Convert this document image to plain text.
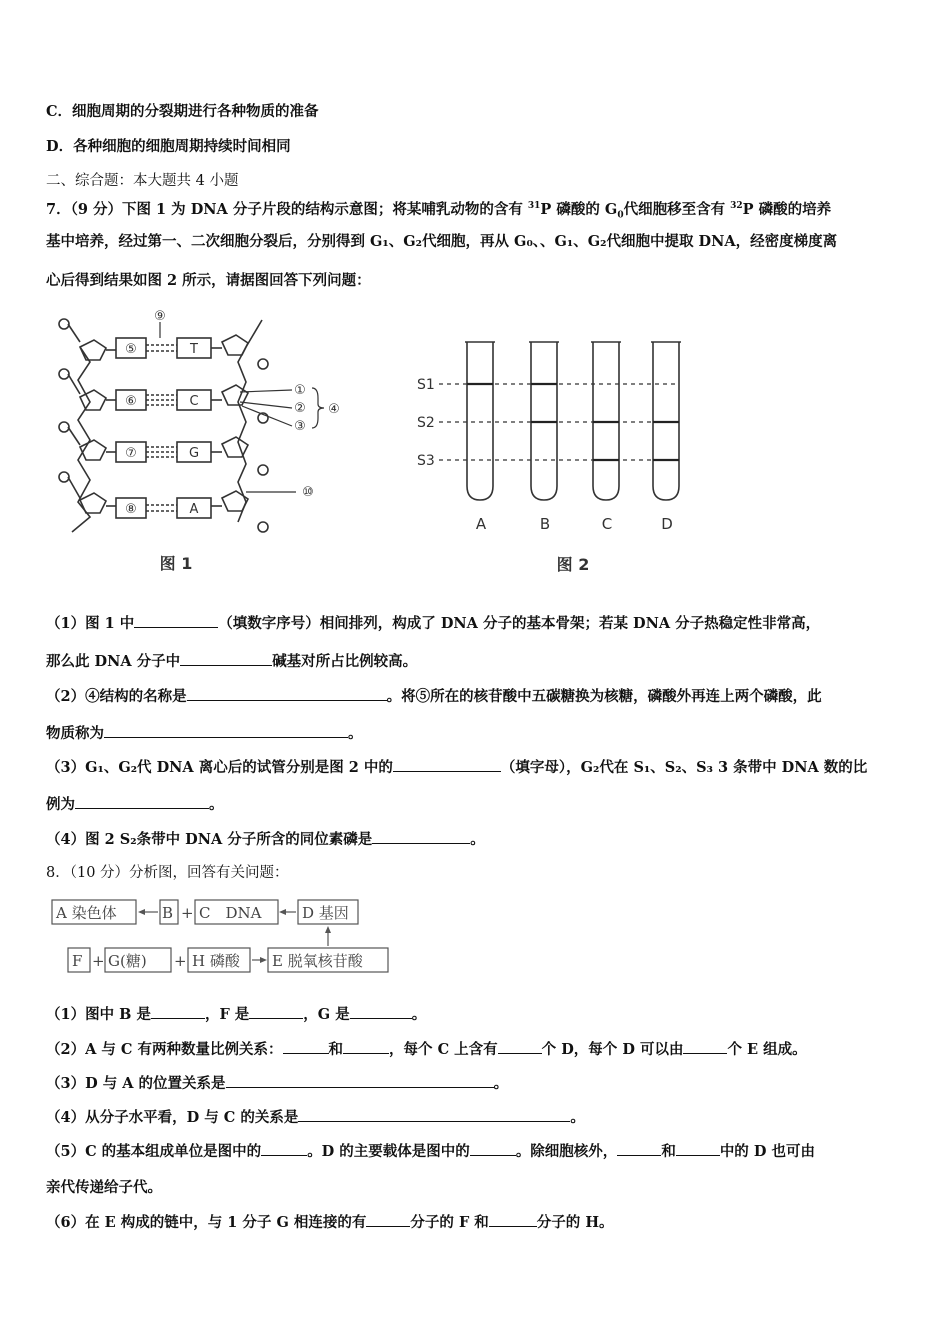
C．细胞周期的分裂期进行各种物质的准备
D．各种细胞的细胞周期持续时间相同
二、综合题：本大题共 4 小题
7．（9 分）下图 1 为 DNA 分子片段的结构示意图；将某哺乳动物的含有 $^{31}$P 磷酸的 $G_0$代细胞移至含有 $^{32}$P 磷酸的培养
基中培养，经过第一、二次细胞分裂后，分别得到 G₁、G₂代细胞，再从 G₀、、G₁、G₂代细胞中提取 DNA，经密度梯度离
心后得到结果如图 2 所示，请据图回答下列问题：
⑤
⑥
⑦
⑧
T
C
G
A
⑨
①
②
③
④
⑩
图 1
S1
S2
S3
A	B	C	D
图 2
（1）图 1 中	（填数字序号）相间排列，构成了 DNA 分子的基本骨架；若某 DNA 分子热稳定性非常高，
那么此 DNA 分子中	碱基对所占比例较高。
（2）④结构的名称是	。将⑤所在的核苷酸中五碳糖换为核糖，磷酸外再连上两个磷酸，此
物质称为	。
（3）G₁、G₂代 DNA 离心后的试管分别是图 2 中的	（填字母），G₂代在 S₁、S₂、S₃ 3 条带中 DNA 数的比
例为	。
（4）图 2 S₂条带中 DNA 分子所含的同位素磷是	。
8．（10 分）分析图，回答有关问题：
A 染色体	B + C　DNA	D 基因
F + G(糖) + H 磷酸 E 脱氧核苷酸
（1）图中 B 是	，F 是	，G 是	。
（2）A 与 C 有两种数量比例关系：	和	，每个 C 上含有	个 D，每个 D 可以由	个 E 组成。
（3）D 与 A 的位置关系是	。
（4）从分子水平看，D 与 C 的关系是	。
（5）C 的基本组成单位是图中的	。D 的主要载体是图中的	。除细胞核外，	和	中的 D 也可由
亲代传递给子代。
（6）在 E 构成的链中，与 1 分子 G 相连接的有	分子的 F 和	分子的 H。
